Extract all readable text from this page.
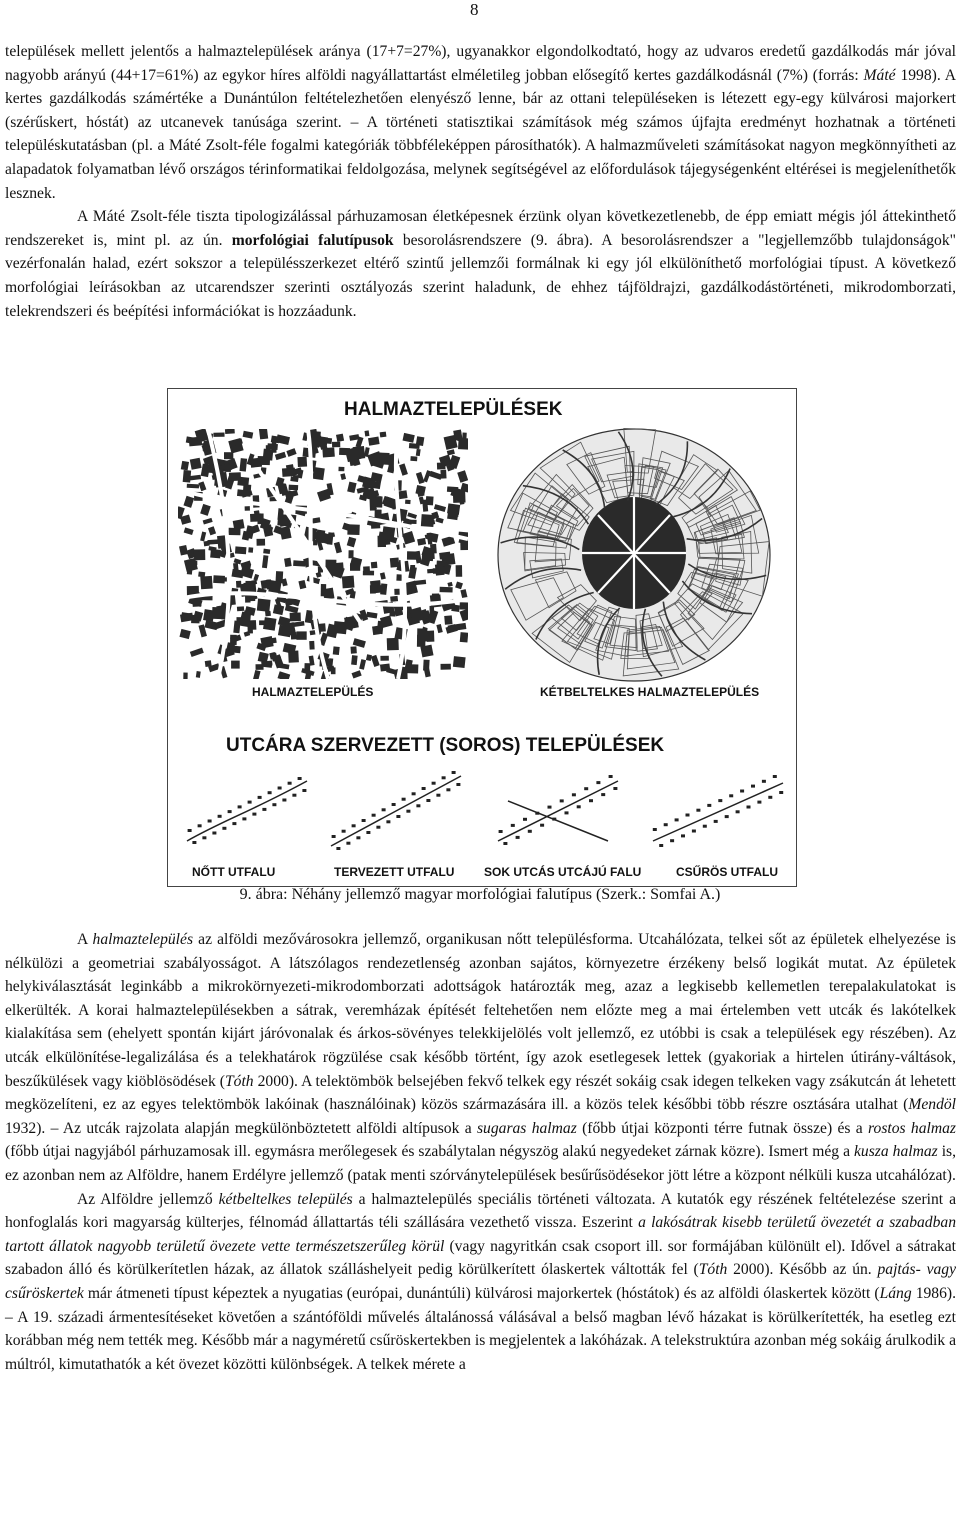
8

települések mellett jelentős a halmaztelepülések aránya (17+7=27%), ugyanakkor elgondolkodtató, hogy az udvaros eredetű gazdálkodás már jóval nagyobb arányú (44+17=61%) az egykor híres alföldi nagyállattartást elméletileg jobban elősegítő kertes gazdálkodásnál (7%) (forrás: Máté 1998). A kertes gazdálkodás számértéke a Dunántúlon feltételezhetően elenyésző lenne, bár az ottani településeken is létezett egy-egy külvárosi majorkert (szérűskert, hóstát) az utcanevek tanúsága szerint. – A történeti statisztikai számítások még számos újfajta eredményt hozhatnak a történeti településkutatásban (pl. a Máté Zsolt-féle fogalmi kategóriák többféleképpen párosíthatók). A halmazműveleti számításokat nagyon megkönnyítheti az alapadatok folyamatban lévő országos térinformatikai feldolgozása, melynek segítségével az előfordulások tájegységenként eltérései is megjeleníthetők lesznek.

A Máté Zsolt-féle tiszta tipologizálással párhuzamosan életképesnek érzünk olyan következetlenebb, de épp emiatt mégis jól áttekinthető rendszereket is, mint pl. az ún. morfológiai falutípusok besorolásrendszere (9. ábra). A besorolásrendszer a "legjellemzőbb tulajdonságok" vezérfonalán halad, ezért sokszor a településszerkezet eltérő szintű jellemzői formálnak ki egy jól elkülöníthető morfológiai típust. A következő morfológiai leírásokban az utcarendszer szerinti osztályozás szerint haladunk, de ehhez tájföldrajzi, gazdálkodástörténeti, mikrodomborzati, telekrendszeri és beépítési információkat is hozzáadunk.

HALMAZTELEPÜLÉSEK
HALMAZTELEPÜLÉS	KÉTBELTELKES HALMAZTELEPÜLÉS
UTCÁRA SZERVEZETT (SOROS) TELEPÜLÉSEK
NŐTT UTFALU	TERVEZETT UTFALU SOK UTCÁS UTCÁJÚ FALU	CSŰRÖS UTFALU
9. ábra: Néhány jellemző magyar morfológiai falutípus (Szerk.: Somfai A.)

A halmaztelepülés az alföldi mezővárosokra jellemző, organikusan nőtt településforma. Utcahálózata, telkei sőt az épületek elhelyezése is nélkülözi a geometriai szabályosságot. A látszólagos rendezetlenség azonban sajátos, környezetre érzékeny belső logikát mutat. Az épületek helykiválasztását leginkább a mikrokörnyezeti-mikrodomborzati adottságok határozták meg, azaz a legkisebb kellemetlen terepalakulatokat is elkerülték. A korai halmaztelepülésekben a sátrak, veremházak építését feltehetően nem előzte meg a mai értelemben vett utcák és lakótelkek kialakítása sem (ehelyett spontán kijárt járóvonalak és árkos-sövényes telekkijelölés volt jellemző, ez utóbbi is csak a települések egy részében). Az utcák elkülönítése-legalizálása és a telekhatárok rögzülése csak később történt, így azok esetlegesek lettek (gyakoriak a hirtelen útirány-váltások, beszűkülések vagy kiöblösödések (Tóth 2000). A telektömbök belsejében fekvő telkek egy részét sokáig csak idegen telkeken vagy zsákutcán át lehetett megközelíteni, ez az egyes telektömbök lakóinak (használóinak) közös származására ill. a közös telek későbbi több részre osztására utalhat (Mendöl 1932). – Az utcák rajzolata alapján megkülönböztetett alföldi altípusok a sugaras halmaz (főbb útjai központi térre futnak össze) és a rostos halmaz (főbb útjai nagyjából párhuzamosak ill. egymásra merőlegesek és szabálytalan négyszög alakú negyedeket zárnak közre). Ismert még a kusza halmaz is, ez azonban nem az Alföldre, hanem Erdélyre jellemző (patak menti szórványtelepülések besűrűsödésekor jött létre a központ nélküli kusza utcahálózat).

Az Alföldre jellemző kétbeltelkes település a halmaztelepülés speciális történeti változata. A kutatók egy részének feltételezése szerint a honfoglalás kori magyarság külterjes, félnomád állattartás téli szállására vezethető vissza. Eszerint a lakósátrak kisebb területű övezetét a szabadban tartott állatok nagyobb területű övezete vette természetszerűleg körül (vagy nagyritkán csak csoport ill. sor formájában különült el). Idővel a sátrakat szabadon álló és körülkerítetlen házak, az állatok szálláshelyeit pedig körülkerített ólaskertek váltották fel (Tóth 2000). Később az ún. pajtás- vagy csűröskertek már átmeneti típust képeztek a nyugatias (európai, dunántúli) külvárosi majorkertek (hóstátok) és az alföldi ólaskertek között (Láng 1986). – A 19. századi ármentesítéseket követően a szántóföldi művelés általánossá válásával a belső magban lévő házakat is körülkerítették, ha esetleg ezt korábban még nem tették meg. Később már a nagyméretű csűröskertekben is megjelentek a lakóházak. A telekstruktúra azonban még sokáig árulkodik a múltról, kimutathatók a két övezet közötti különbségek. A telkek mérete a
